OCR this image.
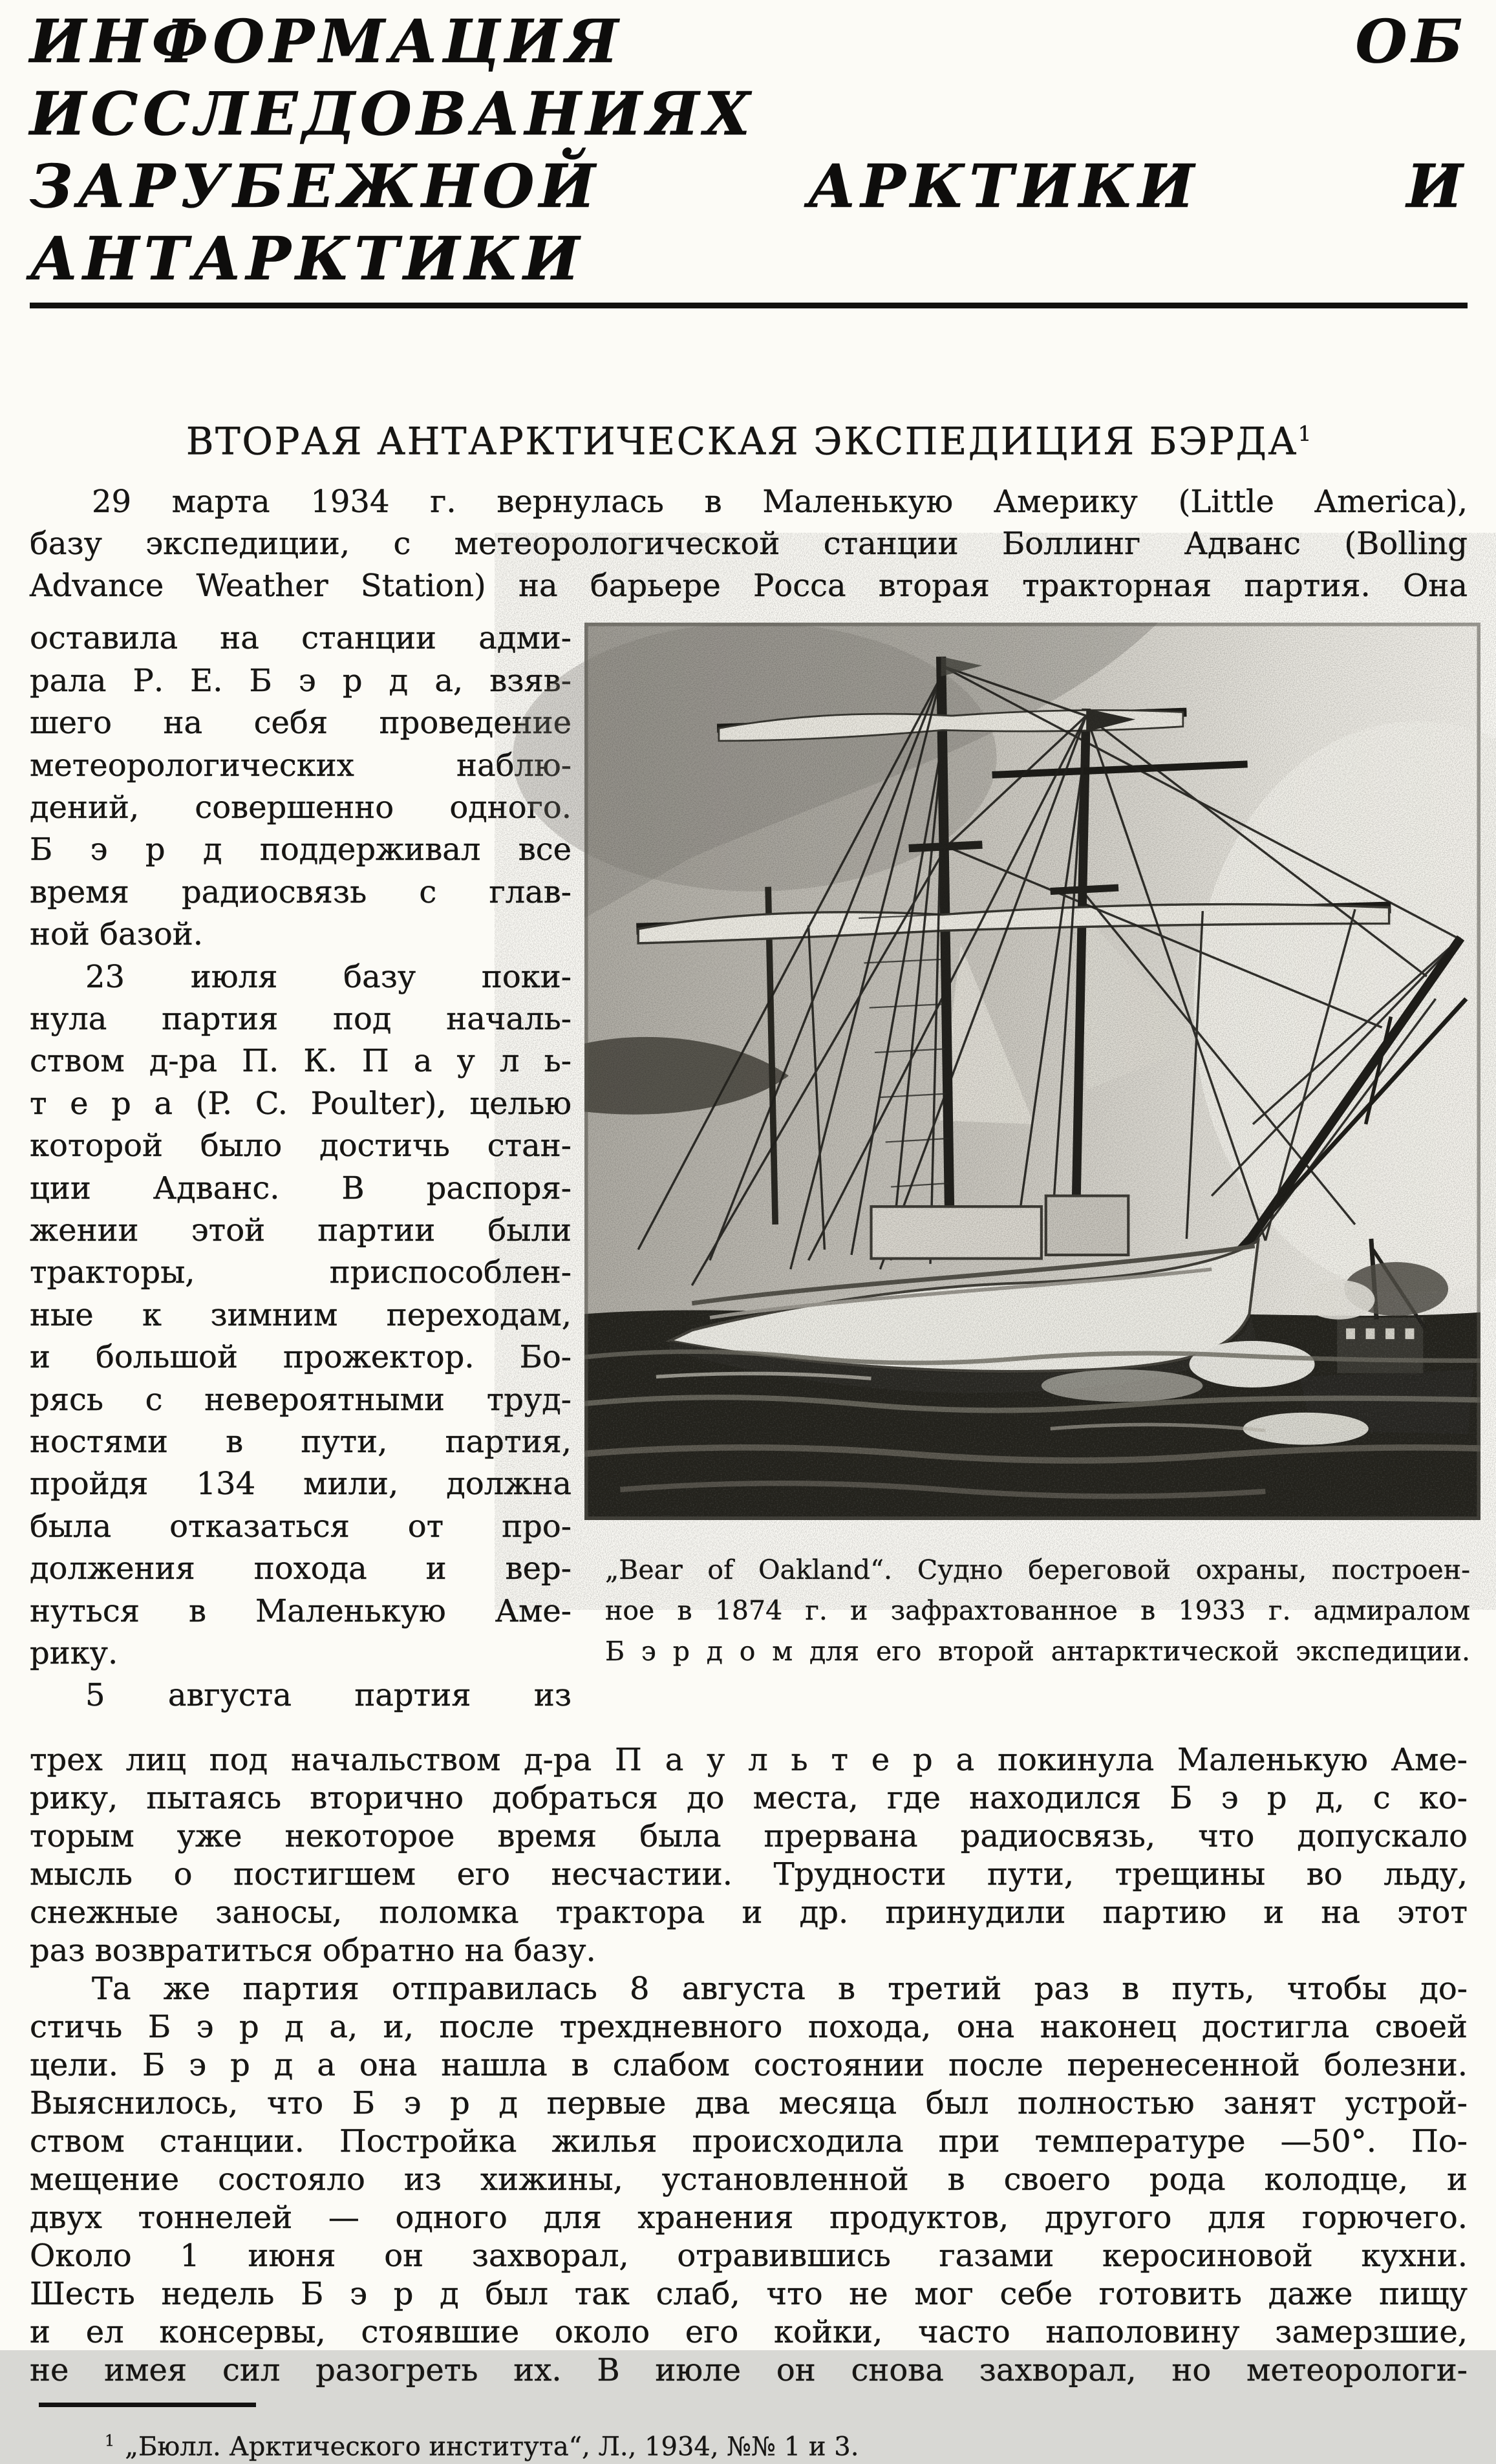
ИНФОРМАЦИЯ ОБ ИССЛЕДОВАНИЯХ
ЗАРУБЕЖНОЙ АРКТИКИ И АНТАРКТИКИ
ВТОРАЯ АНТАРКТИЧЕСКАЯ ЭКСПЕДИЦИЯ БЭРДА$^1$
29 марта 1934 г. вернулась в Маленькую Америку (Little America),
базу экспедиции, с метеорологической станции Боллинг Адванс (Bolling
Advance Weather Station) на барьере Росса вторая тракторная партия. Она
оставила на станции адми-
рала Р. Е. Б э р д а, взяв-
шего на себя проведение
метеорологических наблю-
дений, совершенно одного.
Б э р д поддерживал все
время радиосвязь с глав-
ной базой.
23 июля базу поки-
нула партия под началь-
ством д-ра П. К. П а у л ь-
т е р а (P. C. Poulter), целью
которой было достичь стан-
ции Адванс. В распоря-
жении этой партии были
тракторы, приспособлен-
ные к зимним переходам,
и большой прожектор. Бо-
рясь с невероятными труд-
ностями в пути, партия,
пройдя 134 мили, должна
была отказаться от про-
должения похода и вер-
нуться в Маленькую Аме-
рику.
5 августа партия из
„Bear of Oakland“. Судно береговой охраны, построен-
ное в 1874 г. и зафрахтованное в 1933 г. адмиралом
Б э р д о м для его второй антарктической экспедиции.
трех лиц под начальством д-ра П а у л ь т е р а покинула Маленькую Аме-
рику, пытаясь вторично добраться до места, где находился Б э р д, с ко-
торым уже некоторое время была прервана радиосвязь, что допускало
мысль о постигшем его несчастии. Трудности пути, трещины во льду,
снежные заносы, поломка трактора и др. принудили партию и на этот
раз возвратиться обратно на базу.
Та же партия отправилась 8 августа в третий раз в путь, чтобы до-
стичь Б э р д а, и, после трехдневного похода, она наконец достигла своей
цели. Б э р д а она нашла в слабом состоянии после перенесенной болезни.
Выяснилось, что Б э р д первые два месяца был полностью занят устрой-
ством станции. Постройка жилья происходила при температуре —50°. По-
мещение состояло из хижины, установленной в своего рода колодце, и
двух тоннелей — одного для хранения продуктов, другого для горючего.
Около 1 июня он захворал, отравившись газами керосиновой кухни.
Шесть недель Б э р д был так слаб, что не мог себе готовить даже пищу
и ел консервы, стоявшие около его койки, часто наполовину замерзшие,
не имея сил разогреть их. В июле он снова захворал, но метеорологи-
$^1$ „Бюлл. Арктического института“, Л., 1934, №№ 1 и 3.
